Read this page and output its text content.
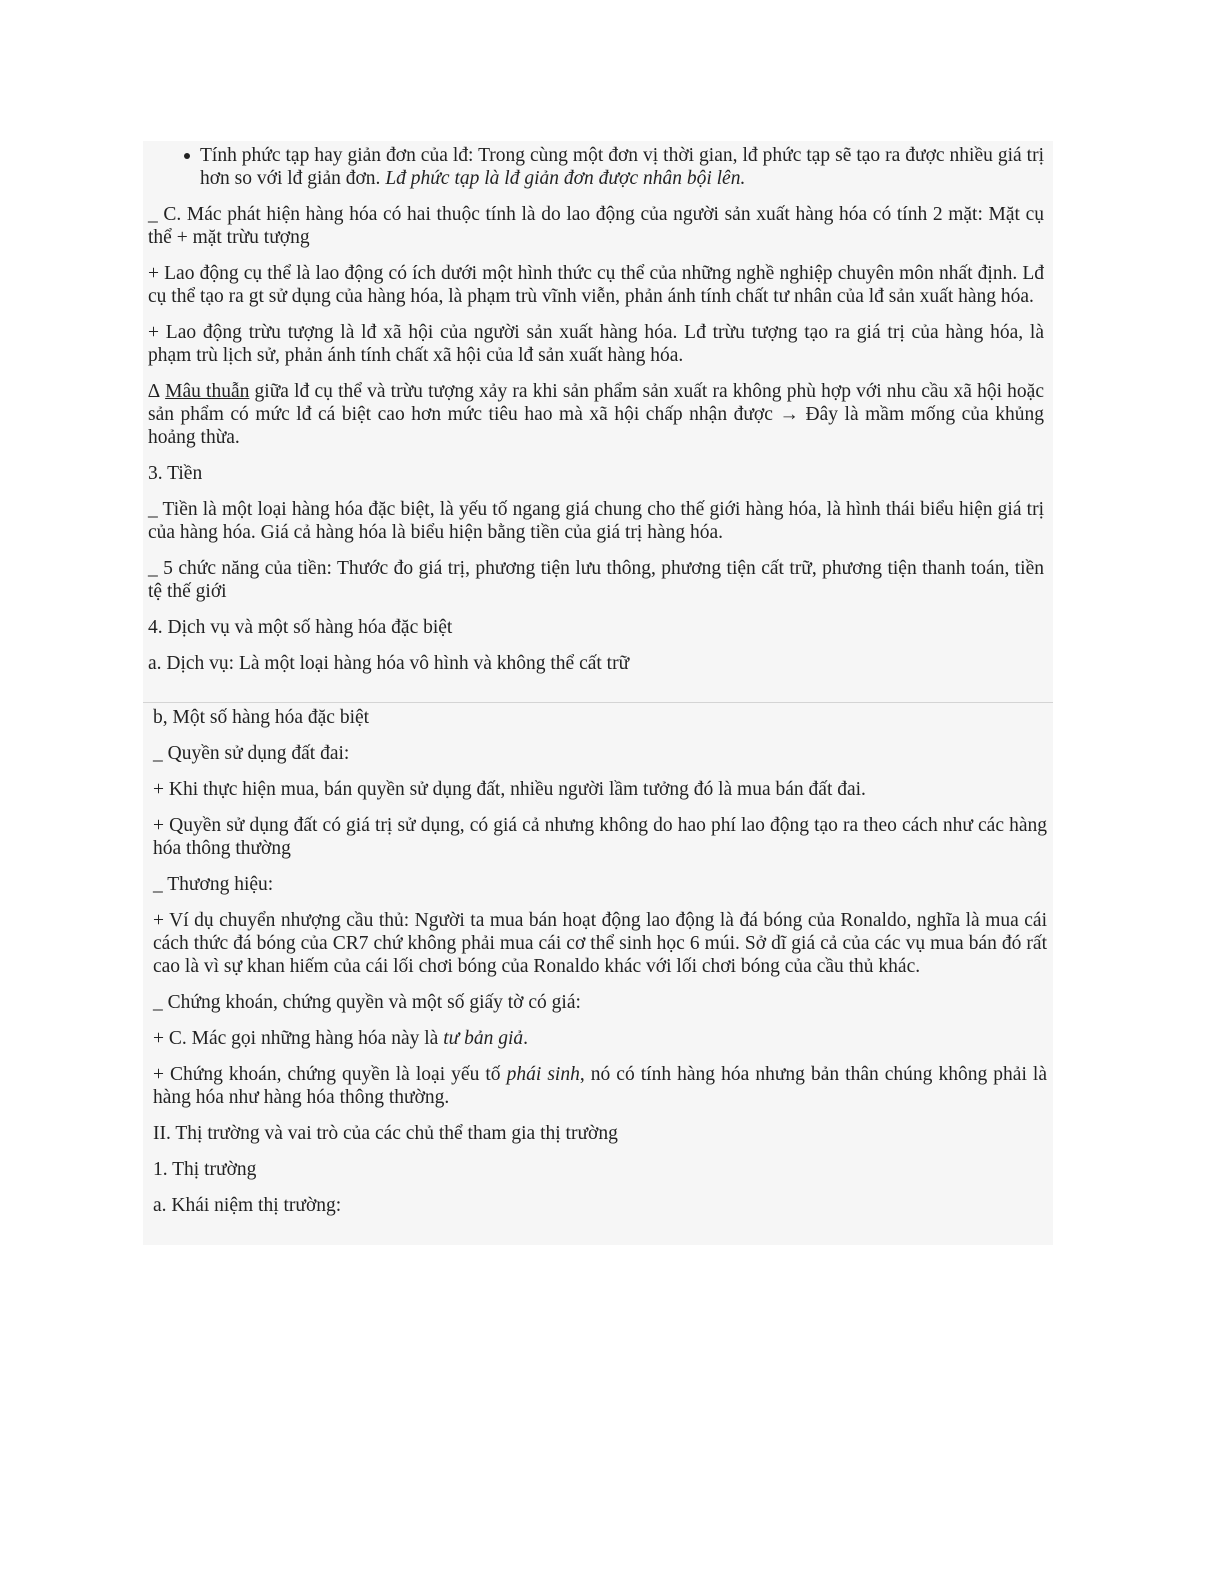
Tính phức tạp hay giản đơn của lđ: Trong cùng một đơn vị thời gian, lđ phức tạp sẽ tạo ra được nhiều giá trị hơn so với lđ giản đơn. Lđ phức tạp là lđ giản đơn được nhân bội lên.

_ C. Mác phát hiện hàng hóa có hai thuộc tính là do lao động của người sản xuất hàng hóa có tính 2 mặt: Mặt cụ thể + mặt trừu tượng

+ Lao động cụ thể là lao động có ích dưới một hình thức cụ thể của những nghề nghiệp chuyên môn nhất định. Lđ cụ thể tạo ra gt sử dụng của hàng hóa, là phạm trù vĩnh viễn, phản ánh tính chất tư nhân của lđ sản xuất hàng hóa.

+ Lao động trừu tượng là lđ xã hội của người sản xuất hàng hóa. Lđ trừu tượng tạo ra giá trị của hàng hóa, là phạm trù lịch sử, phản ánh tính chất xã hội của lđ sản xuất hàng hóa.

∆ Mâu thuẫn giữa lđ cụ thể và trừu tượng xảy ra khi sản phẩm sản xuất ra không phù hợp với nhu cầu xã hội hoặc sản phẩm có mức lđ cá biệt cao hơn mức tiêu hao mà xã hội chấp nhận được → Đây là mầm mống của khủng hoảng thừa.

3. Tiền

_ Tiền là một loại hàng hóa đặc biệt, là yếu tố ngang giá chung cho thế giới hàng hóa, là hình thái biểu hiện giá trị của hàng hóa. Giá cả hàng hóa là biểu hiện bằng tiền của giá trị hàng hóa.

_ 5 chức năng của tiền: Thước đo giá trị, phương tiện lưu thông, phương tiện cất trữ, phương tiện thanh toán, tiền tệ thế giới

4. Dịch vụ và một số hàng hóa đặc biệt

a. Dịch vụ: Là một loại hàng hóa vô hình và không thể cất trữ

b, Một số hàng hóa đặc biệt

_ Quyền sử dụng đất đai:

+ Khi thực hiện mua, bán quyền sử dụng đất, nhiều người lầm tưởng đó là mua bán đất đai.

+ Quyền sử dụng đất có giá trị sử dụng, có giá cả nhưng không do hao phí lao động tạo ra theo cách như các hàng hóa thông thường

_ Thương hiệu:

+ Ví dụ chuyển nhượng cầu thủ: Người ta mua bán hoạt động lao động là đá bóng của Ronaldo, nghĩa là mua cái cách thức đá bóng của CR7 chứ không phải mua cái cơ thể sinh học 6 múi. Sở dĩ giá cả của các vụ mua bán đó rất cao là vì sự khan hiếm của cái lối chơi bóng của Ronaldo khác với lối chơi bóng của cầu thủ khác.

_ Chứng khoán, chứng quyền và một số giấy tờ có giá:

+ C. Mác gọi những hàng hóa này là tư bản giả.

+ Chứng khoán, chứng quyền là loại yếu tố phái sinh, nó có tính hàng hóa nhưng bản thân chúng không phải là hàng hóa như hàng hóa thông thường.

II. Thị trường và vai trò của các chủ thể tham gia thị trường

1. Thị trường

a. Khái niệm thị trường:
